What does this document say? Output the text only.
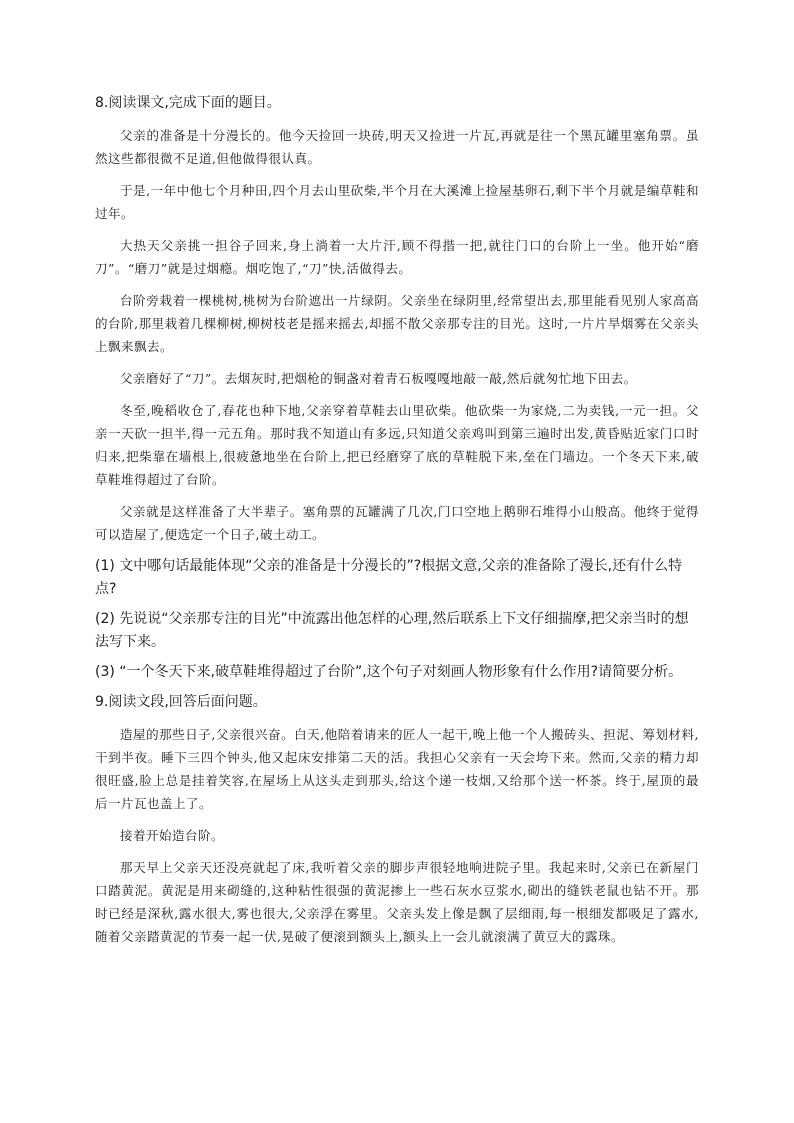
8.阅读课文,完成下面的题目。

父亲的准备是十分漫长的。他今天捡回一块砖,明天又捡进一片瓦,再就是往一个黑瓦罐里塞角票。虽然这些都很微不足道,但他做得很认真。

于是,一年中他七个月种田,四个月去山里砍柴,半个月在大溪滩上捡屋基卵石,剩下半个月就是编草鞋和过年。

大热天父亲挑一担谷子回来,身上淌着一大片汗,顾不得揩一把,就往门口的台阶上一坐。他开始“磨刀”。“磨刀”就是过烟瘾。烟吃饱了,“刀”快,活做得去。

台阶旁栽着一棵桃树,桃树为台阶遮出一片绿阴。父亲坐在绿阴里,经常望出去,那里能看见别人家高高的台阶,那里栽着几棵柳树,柳树枝老是摇来摇去,却摇不散父亲那专注的目光。这时,一片片旱烟雾在父亲头上飘来飘去。

父亲磨好了“刀”。去烟灰时,把烟枪的铜盏对着青石板嘎嘎地敲一敲,然后就匆忙地下田去。

冬至,晚稻收仓了,春花也种下地,父亲穿着草鞋去山里砍柴。他砍柴一为家烧,二为卖钱,一元一担。父亲一天砍一担半,得一元五角。那时我不知道山有多远,只知道父亲鸡叫到第三遍时出发,黄昏贴近家门口时归来,把柴靠在墙根上,很疲惫地坐在台阶上,把已经磨穿了底的草鞋脱下来,垒在门墙边。一个冬天下来,破草鞋堆得超过了台阶。

父亲就是这样准备了大半辈子。塞角票的瓦罐满了几次,门口空地上鹅卵石堆得小山般高。他终于觉得可以造屋了,便选定一个日子,破土动工。

(1) 文中哪句话最能体现“父亲的准备是十分漫长的”?根据文意,父亲的准备除了漫长,还有什么特点?

(2) 先说说“父亲那专注的目光”中流露出他怎样的心理,然后联系上下文仔细揣摩,把父亲当时的想法写下来。

(3) “一个冬天下来,破草鞋堆得超过了台阶”,这个句子对刻画人物形象有什么作用?请简要分析。

9.阅读文段,回答后面问题。

造屋的那些日子,父亲很兴奋。白天,他陪着请来的匠人一起干,晚上他一个人搬砖头、担泥、筹划材料,干到半夜。睡下三四个钟头,他又起床安排第二天的活。我担心父亲有一天会垮下来。然而,父亲的精力却很旺盛,脸上总是挂着笑容,在屋场上从这头走到那头,给这个递一枝烟,又给那个送一杯茶。终于,屋顶的最后一片瓦也盖上了。

接着开始造台阶。

那天早上父亲天还没亮就起了床,我听着父亲的脚步声很轻地响进院子里。我起来时,父亲已在新屋门口踏黄泥。黄泥是用来砌缝的,这种粘性很强的黄泥掺上一些石灰水豆浆水,砌出的缝铁老鼠也钻不开。那时已经是深秋,露水很大,雾也很大,父亲浮在雾里。父亲头发上像是飘了层细雨,每一根细发都吸足了露水,随着父亲踏黄泥的节奏一起一伏,晃破了便滚到额头上,额头上一会儿就滚满了黄豆大的露珠。
